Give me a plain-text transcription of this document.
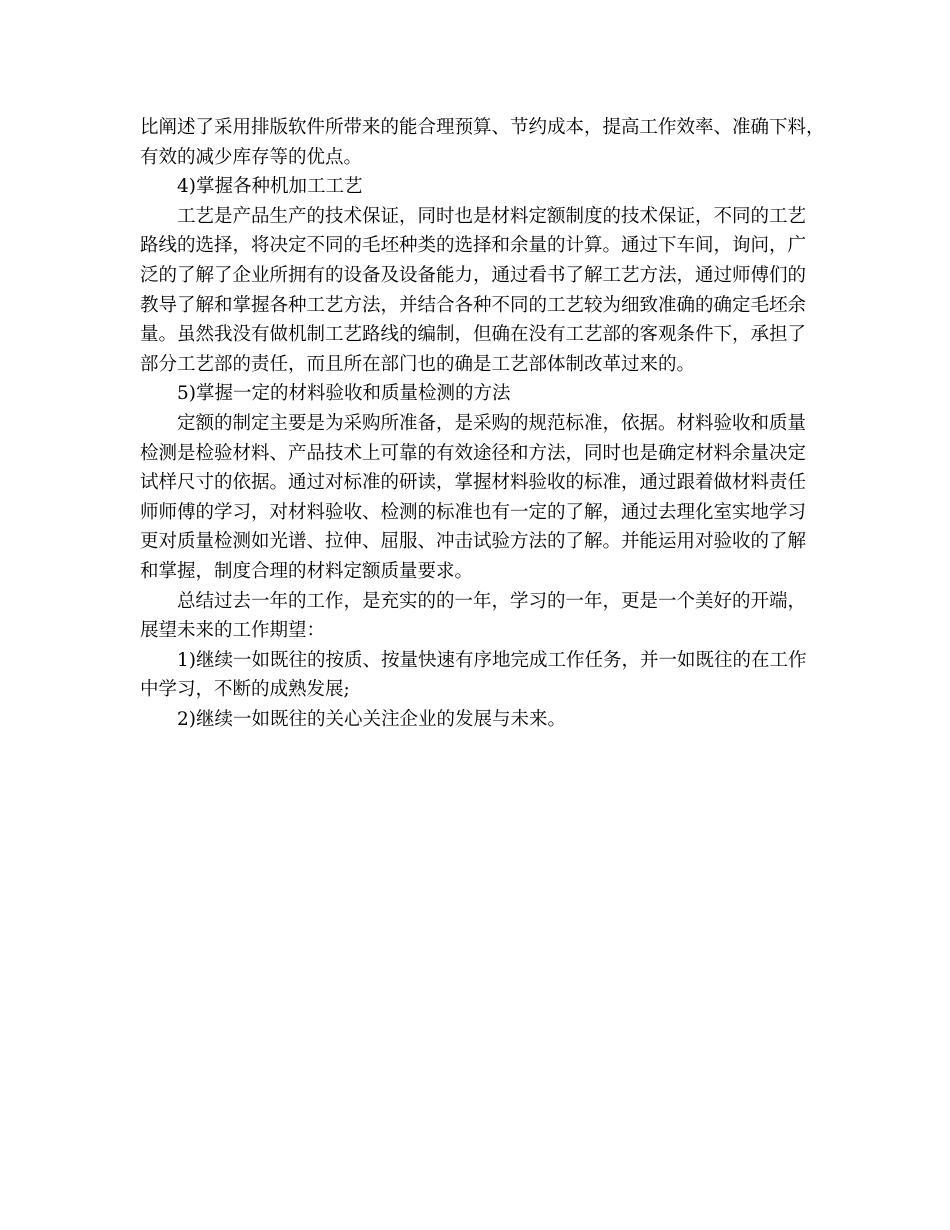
比阐述了采用排版软件所带来的能合理预算、节约成本，提高工作效率、准确下料，
有效的减少库存等的优点。
4)掌握各种机加工工艺
工艺是产品生产的技术保证，同时也是材料定额制度的技术保证，不同的工艺
路线的选择，将决定不同的毛坯种类的选择和余量的计算。通过下车间，询问，广
泛的了解了企业所拥有的设备及设备能力，通过看书了解工艺方法，通过师傅们的
教导了解和掌握各种工艺方法，并结合各种不同的工艺较为细致准确的确定毛坯余
量。虽然我没有做机制工艺路线的编制，但确在没有工艺部的客观条件下，承担了
部分工艺部的责任，而且所在部门也的确是工艺部体制改革过来的。
5)掌握一定的材料验收和质量检测的方法
定额的制定主要是为采购所准备，是采购的规范标准，依据。材料验收和质量
检测是检验材料、产品技术上可靠的有效途径和方法，同时也是确定材料余量决定
试样尺寸的依据。通过对标准的研读，掌握材料验收的标准，通过跟着做材料责任
师师傅的学习，对材料验收、检测的标准也有一定的了解，通过去理化室实地学习
更对质量检测如光谱、拉伸、屈服、冲击试验方法的了解。并能运用对验收的了解
和掌握，制度合理的材料定额质量要求。
总结过去一年的工作，是充实的的一年，学习的一年，更是一个美好的开端，
展望未来的工作期望：
1)继续一如既往的按质、按量快速有序地完成工作任务，并一如既往的在工作
中学习，不断的成熟发展;
2)继续一如既往的关心关注企业的发展与未来。
